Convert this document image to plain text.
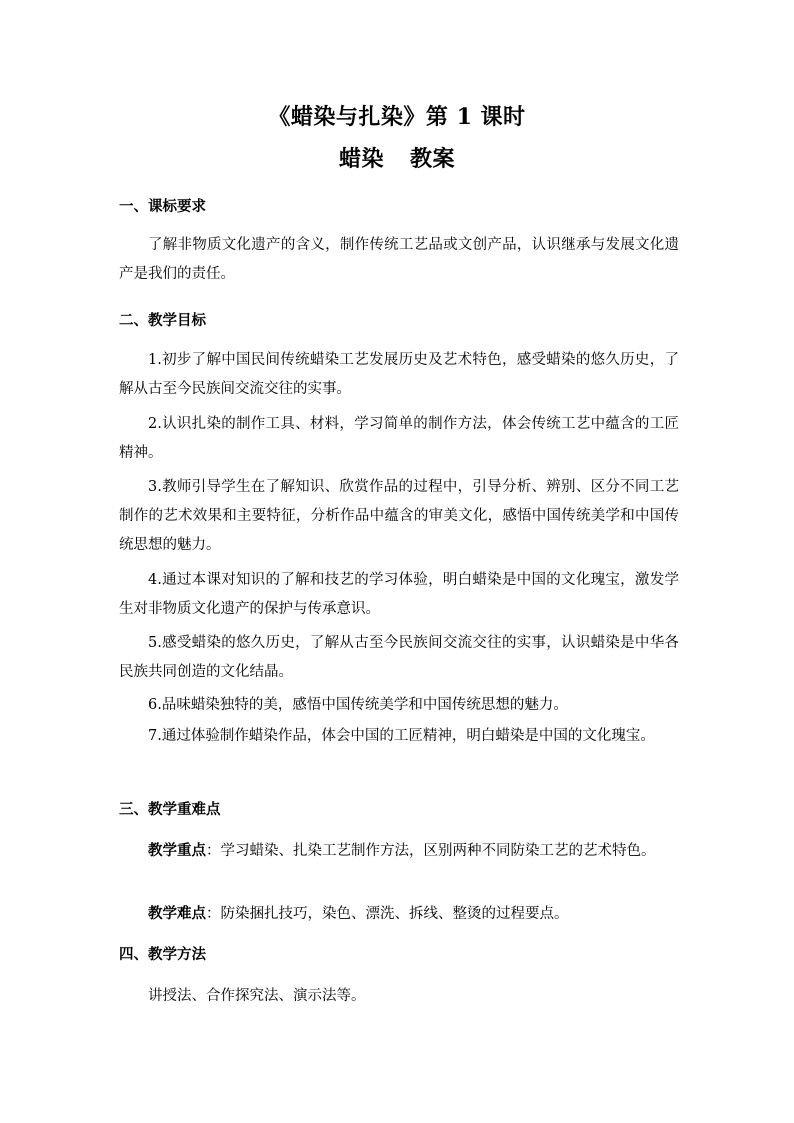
《蜡染与扎染》第 1 课时
蜡染 教案

一、课标要求

了解非物质文化遗产的含义，制作传统工艺品或文创产品，认识继承与发展文化遗产是我们的责任。

二、教学目标

1.初步了解中国民间传统蜡染工艺发展历史及艺术特色，感受蜡染的悠久历史，了解从古至今民族间交流交往的实事。

2.认识扎染的制作工具、材料，学习简单的制作方法，体会传统工艺中蕴含的工匠精神。

3.教师引导学生在了解知识、欣赏作品的过程中，引导分析、辨别、区分不同工艺制作的艺术效果和主要特征，分析作品中蕴含的审美文化，感悟中国传统美学和中国传统思想的魅力。

4.通过本课对知识的了解和技艺的学习体验，明白蜡染是中国的文化瑰宝，激发学生对非物质文化遗产的保护与传承意识。

5.感受蜡染的悠久历史，了解从古至今民族间交流交往的实事，认识蜡染是中华各民族共同创造的文化结晶。

6.品味蜡染独特的美，感悟中国传统美学和中国传统思想的魅力。

7.通过体验制作蜡染作品，体会中国的工匠精神，明白蜡染是中国的文化瑰宝。

三、教学重难点

教学重点：学习蜡染、扎染工艺制作方法，区别两种不同防染工艺的艺术特色。

教学难点：防染捆扎技巧，染色、漂洗、拆线、整烫的过程要点。

四、教学方法

讲授法、合作探究法、演示法等。
